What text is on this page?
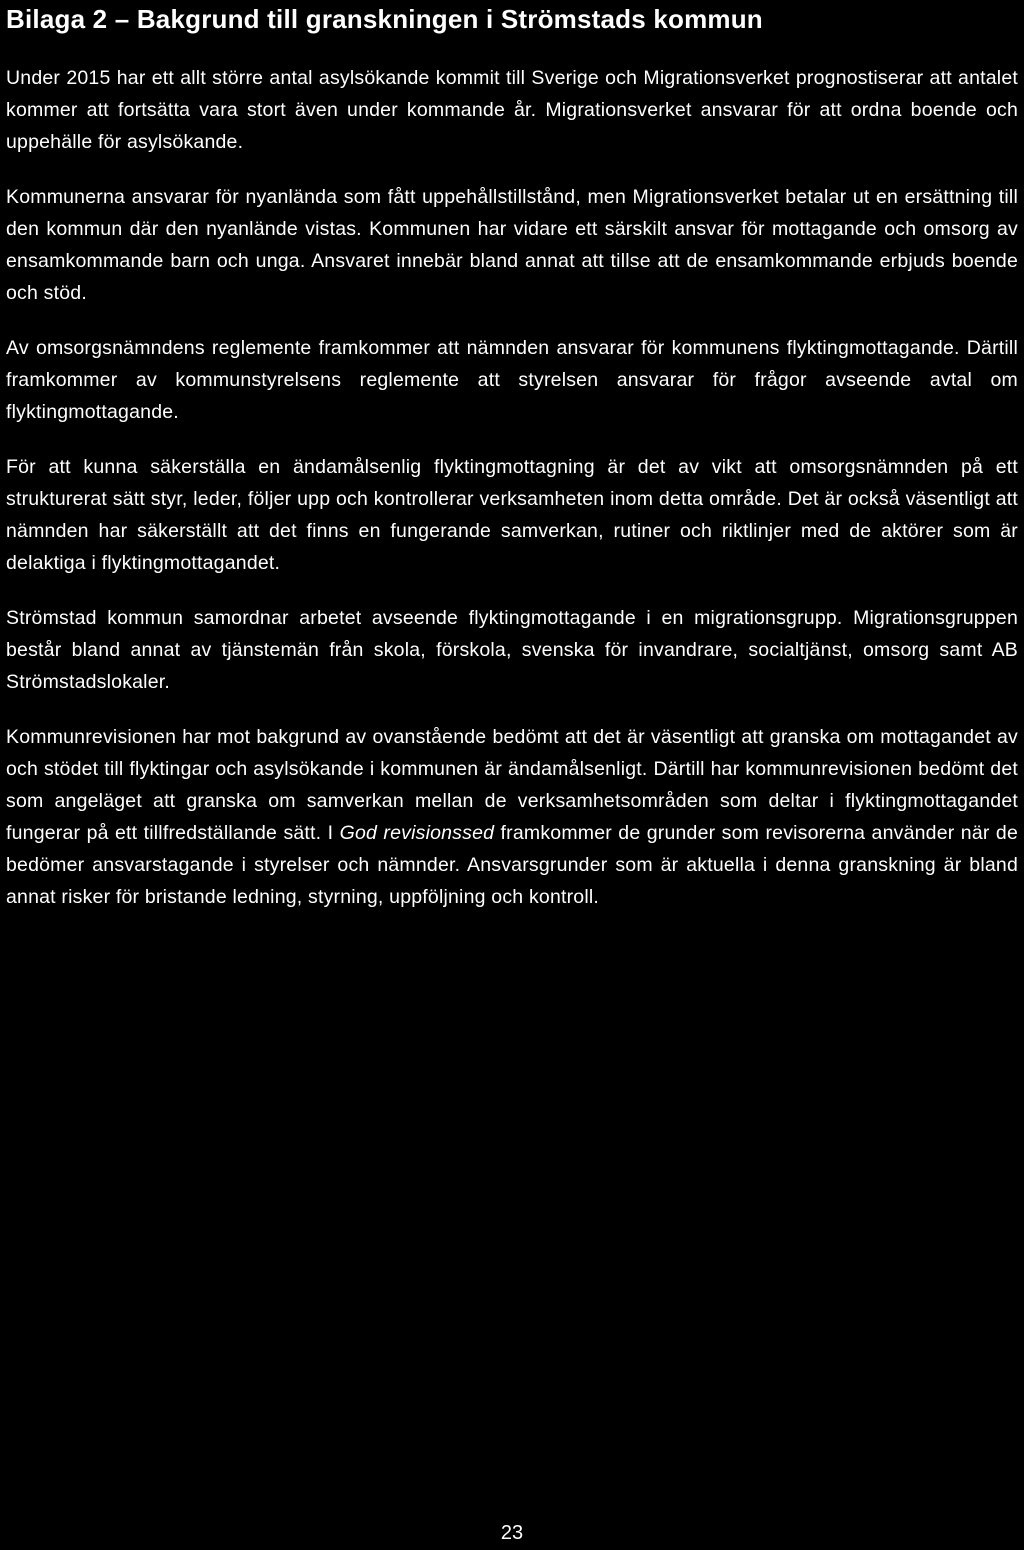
Bilaga 2 – Bakgrund till granskningen i Strömstads kommun

Under 2015 har ett allt större antal asylsökande kommit till Sverige och Migrationsverket prognostiserar att antalet kommer att fortsätta vara stort även under kommande år. Migrationsverket ansvarar för att ordna boende och uppehälle för asylsökande.

Kommunerna ansvarar för nyanlända som fått uppehållstillstånd, men Migrationsverket betalar ut en ersättning till den kommun där den nyanlände vistas. Kommunen har vidare ett särskilt ansvar för mottagande och omsorg av ensamkommande barn och unga. Ansvaret innebär bland annat att tillse att de ensamkommande erbjuds boende och stöd.

Av omsorgsnämndens reglemente framkommer att nämnden ansvarar för kommunens flyktingmottagande. Därtill framkommer av kommunstyrelsens reglemente att styrelsen ansvarar för frågor avseende avtal om flyktingmottagande.

För att kunna säkerställa en ändamålsenlig flyktingmottagning är det av vikt att omsorgsnämnden på ett strukturerat sätt styr, leder, följer upp och kontrollerar verksamheten inom detta område. Det är också väsentligt att nämnden har säkerställt att det finns en fungerande samverkan, rutiner och riktlinjer med de aktörer som är delaktiga i flyktingmottagandet.

Strömstad kommun samordnar arbetet avseende flyktingmottagande i en migrationsgrupp. Migrationsgruppen består bland annat av tjänstemän från skola, förskola, svenska för invandrare, socialtjänst, omsorg samt AB Strömstadslokaler.

Kommunrevisionen har mot bakgrund av ovanstående bedömt att det är väsentligt att granska om mottagandet av och stödet till flyktingar och asylsökande i kommunen är ändamålsenligt. Därtill har kommunrevisionen bedömt det som angeläget att granska om samverkan mellan de verksamhetsområden som deltar i flyktingmottagandet fungerar på ett tillfredställande sätt. I God revisionssed framkommer de grunder som revisorerna använder när de bedömer ansvarstagande i styrelser och nämnder. Ansvarsgrunder som är aktuella i denna granskning är bland annat risker för bristande ledning, styrning, uppföljning och kontroll.

23
